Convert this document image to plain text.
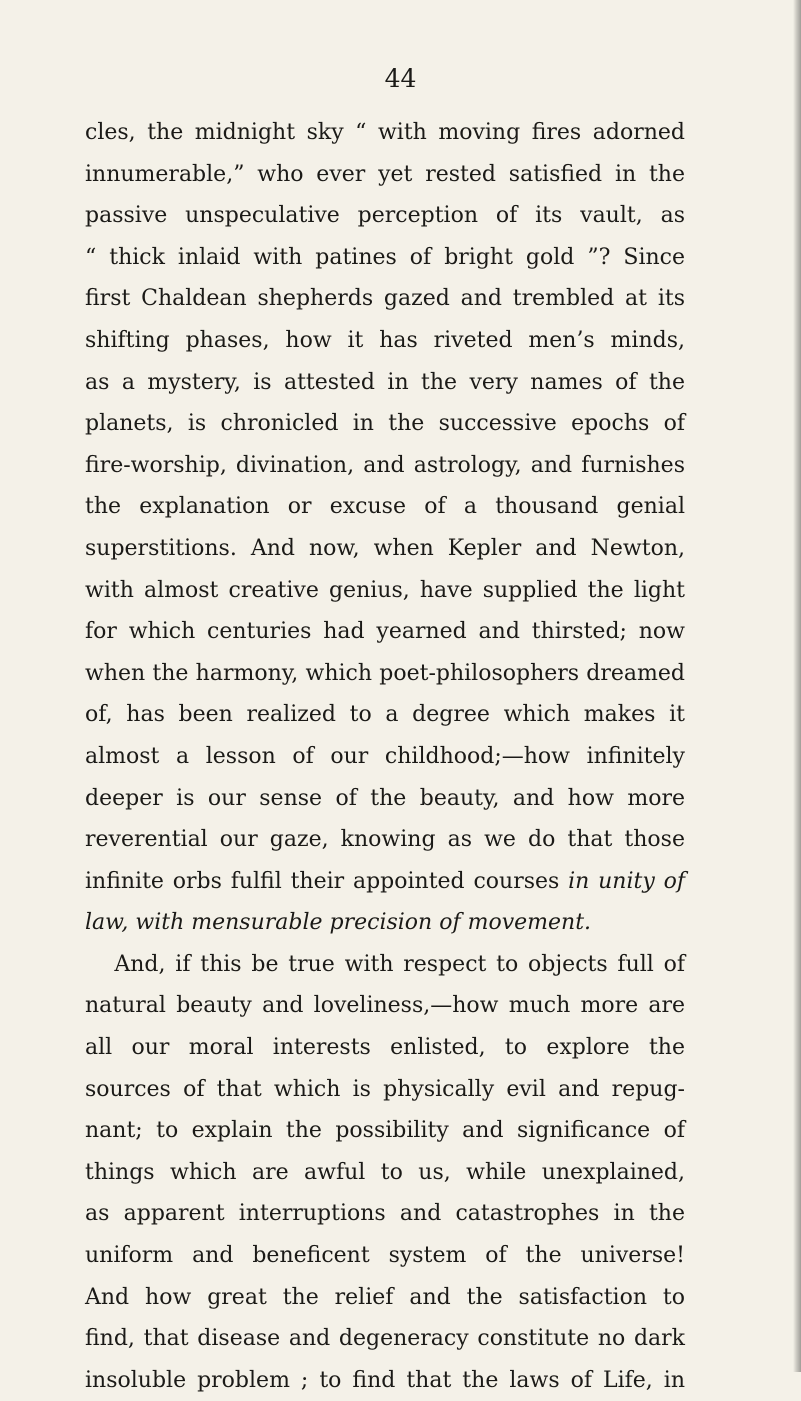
44
cles, the midnight sky “ with moving fires adorned
innumerable,” who ever yet rested satisfied in the
passive unspeculative perception of its vault, as
“ thick inlaid with patines of bright gold ”? Since
first Chaldean shepherds gazed and trembled at its
shifting phases, how it has riveted men’s minds,
as a mystery, is attested in the very names of the
planets, is chronicled in the successive epochs of
fire-worship, divination, and astrology, and furnishes
the explanation or excuse of a thousand genial
superstitions. And now, when Kepler and Newton,
with almost creative genius, have supplied the light
for which centuries had yearned and thirsted; now
when the harmony, which poet-philosophers dreamed
of, has been realized to a degree which makes it
almost a lesson of our childhood;—how infinitely
deeper is our sense of the beauty, and how more
reverential our gaze, knowing as we do that those
infinite orbs fulfil their appointed courses in unity of
law, with mensurable precision of movement.
And, if this be true with respect to objects full of
natural beauty and loveliness,—how much more are
all our moral interests enlisted, to explore the
sources of that which is physically evil and repug-
nant; to explain the possibility and significance of
things which are awful to us, while unexplained,
as apparent interruptions and catastrophes in the
uniform and beneficent system of the universe!
And how great the relief and the satisfaction to
find, that disease and degeneracy constitute no dark
insoluble problem ; to find that the laws of Life, in
